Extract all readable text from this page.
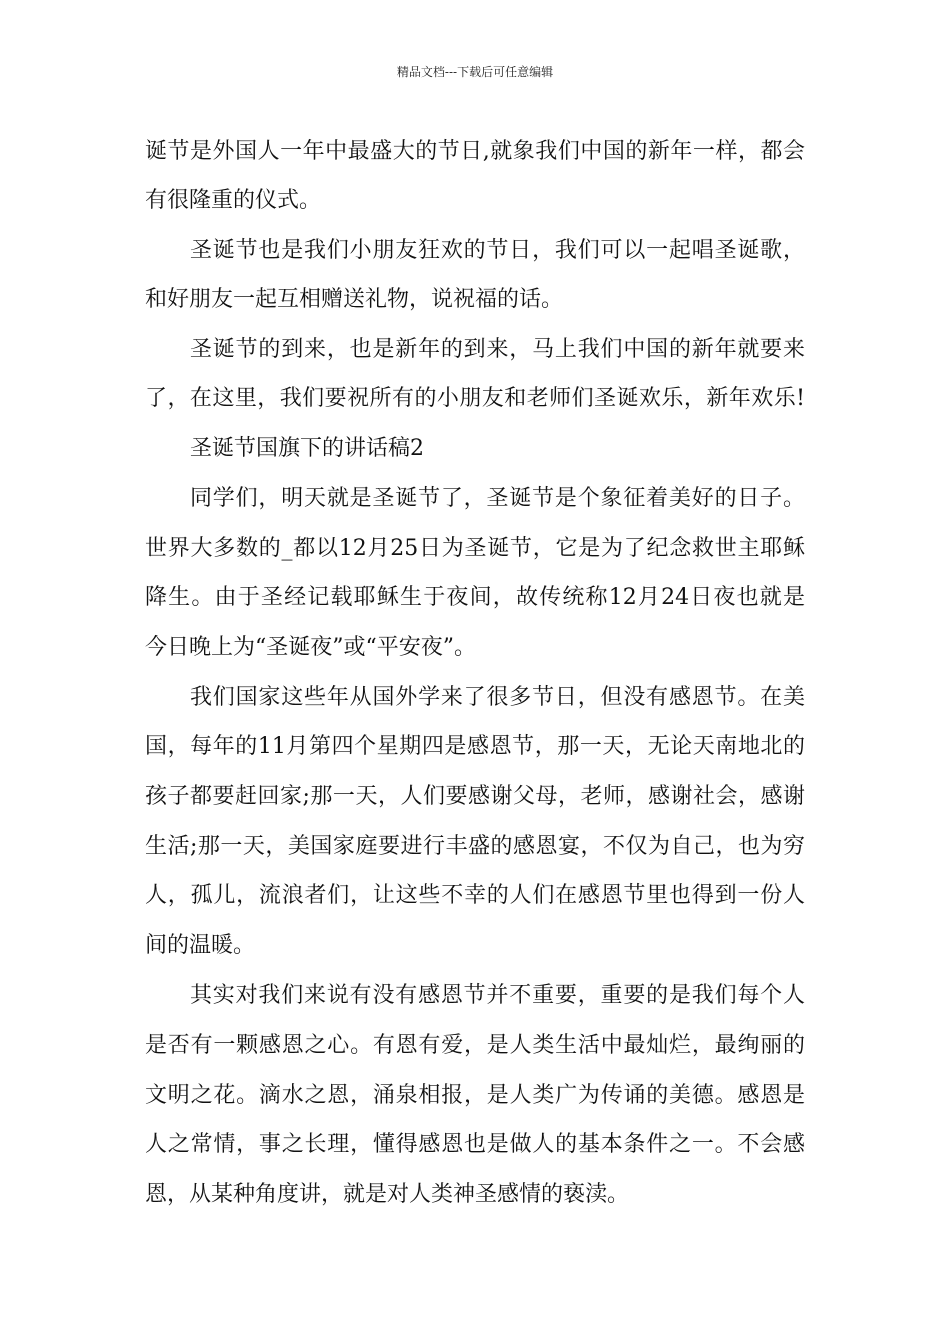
精品文档---下载后可任意编辑
诞节是外国人一年中最盛大的节日,就象我们中国的新年一样，都会
有很隆重的仪式。
圣诞节也是我们小朋友狂欢的节日，我们可以一起唱圣诞歌，
和好朋友一起互相赠送礼物，说祝福的话。
圣诞节的到来，也是新年的到来，马上我们中国的新年就要来
了，在这里，我们要祝所有的小朋友和老师们圣诞欢乐，新年欢乐!
圣诞节国旗下的讲话稿2
同学们，明天就是圣诞节了，圣诞节是个象征着美好的日子。
世界大多数的_都以12月25日为圣诞节，它是为了纪念救世主耶稣
降生。由于圣经记载耶稣生于夜间，故传统称12月24日夜也就是
今日晚上为“圣诞夜”或“平安夜”。
我们国家这些年从国外学来了很多节日，但没有感恩节。在美
国，每年的11月第四个星期四是感恩节，那一天，无论天南地北的
孩子都要赶回家;那一天，人们要感谢父母，老师，感谢社会，感谢
生活;那一天，美国家庭要进行丰盛的感恩宴，不仅为自己，也为穷
人，孤儿，流浪者们，让这些不幸的人们在感恩节里也得到一份人
间的温暖。
其实对我们来说有没有感恩节并不重要，重要的是我们每个人
是否有一颗感恩之心。有恩有爱，是人类生活中最灿烂，最绚丽的
文明之花。滴水之恩，涌泉相报，是人类广为传诵的美德。感恩是
人之常情，事之长理，懂得感恩也是做人的基本条件之一。不会感
恩，从某种角度讲，就是对人类神圣感情的亵渎。
